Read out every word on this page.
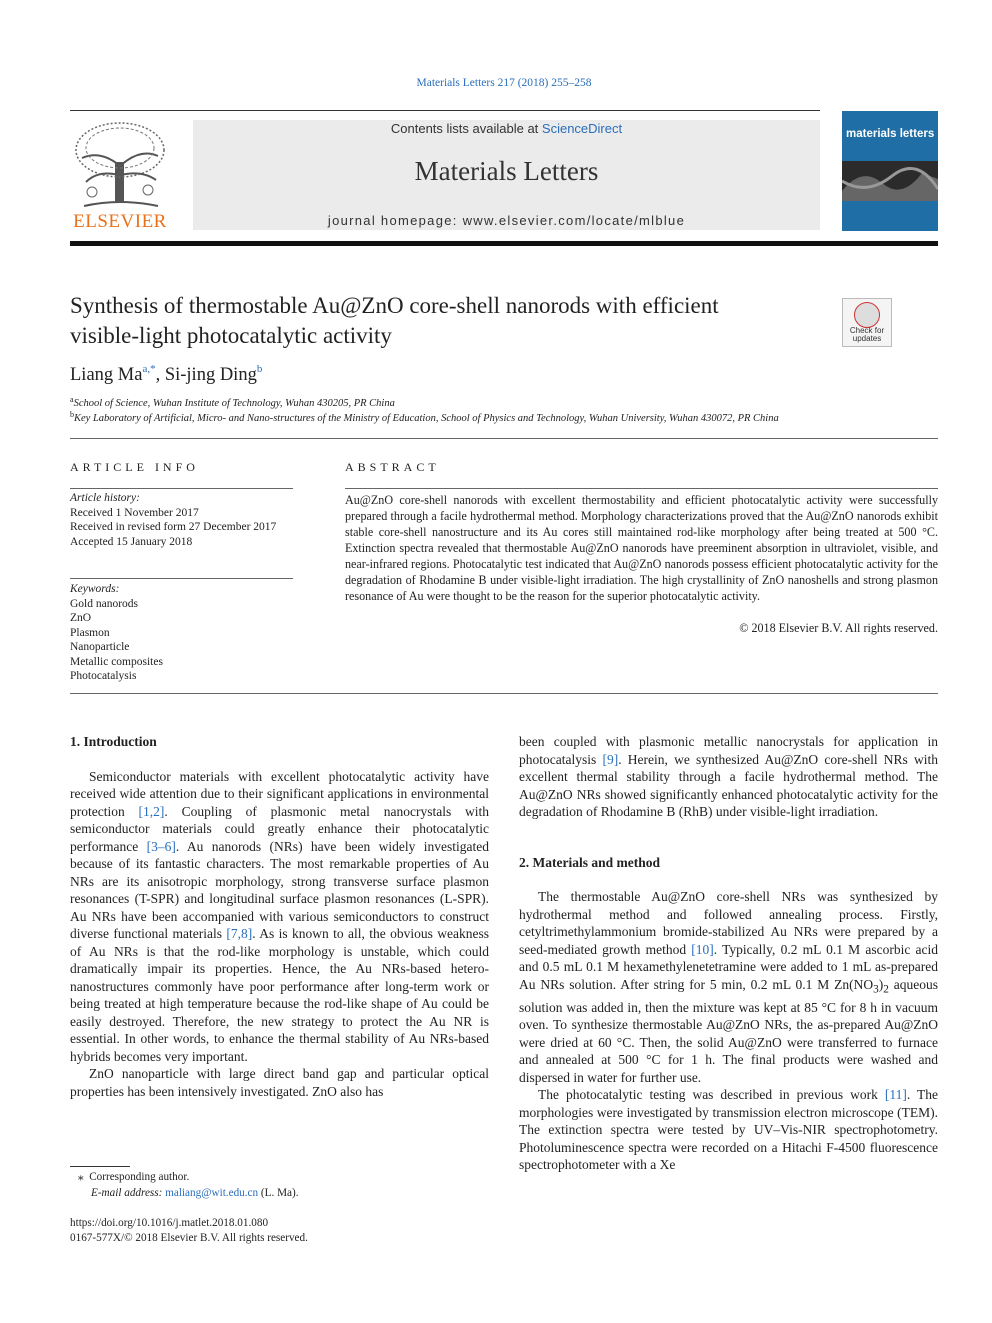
Materials Letters 217 (2018) 255–258
ELSEVIER
Contents lists available at ScienceDirect
Materials Letters
journal homepage: www.elsevier.com/locate/mlblue
materials letters
Synthesis of thermostable Au@ZnO core-shell nanorods with efficient
visible-light photocatalytic activity	Check for updates
Liang $Ma^{a,*}$, Si-jing Ding$^b$
$^a$School of Science, Wuhan Institute of Technology, Wuhan 430205, PR China
$^b$Key Laboratory of Artificial, Micro- and Nano-structures of the Ministry of Education, School of Physics and Technology, Wuhan University, Wuhan 430072, PR China
ARTICLE INFO
Article history:
Received 1 November 2017
Received in revised form 27 December 2017
Accepted 15 January 2018
Keywords:
Gold nanorods
ZnO
Plasmon
Nanoparticle
Metallic composites
Photocatalysis
ABSTRACT
Au@ZnO core-shell nanorods with excellent thermostability and efficient photocatalytic activity were successfully prepared through a facile hydrothermal method. Morphology characterizations proved that the Au@ZnO nanorods exhibit stable core-shell nanostructure and its Au cores still maintained rod-like morphology after being treated at 500 °C. Extinction spectra revealed that thermostable Au@ZnO nanorods have preeminent absorption in ultraviolet, visible, and near-infrared regions. Photocatalytic test indicated that Au@ZnO nanorods possess efficient photocatalytic activity for the degradation of Rhodamine B under visible-light irradiation. The high crystallinity of ZnO nanoshells and strong plasmon resonance of Au were thought to be the reason for the superior photocatalytic activity.
© 2018 Elsevier B.V. All rights reserved.
1. Introduction

Semiconductor materials with excellent photocatalytic activity have received wide attention due to their significant applications in environmental protection [1,2]. Coupling of plasmonic metal nanocrystals with semiconductor materials could greatly enhance their photocatalytic performance [3–6]. Au nanorods (NRs) have been widely investigated because of its fantastic characters. The most remarkable properties of Au NRs are its anisotropic morphology, strong transverse surface plasmon resonances (T-SPR) and longitudinal surface plasmon resonances (L-SPR). Au NRs have been accompanied with various semiconductors to construct diverse functional materials [7,8]. As is known to all, the obvious weakness of Au NRs is that the rod-like morphology is unstable, which could dramatically impair its properties. Hence, the Au NRs-based hetero-nanostructures commonly have poor performance after long-term work or being treated at high temperature because the rod-like shape of Au could be easily destroyed. Therefore, the new strategy to protect the Au NR is essential. In other words, to enhance the thermal stability of Au NRs-based hybrids becomes very important.

ZnO nanoparticle with large direct band gap and particular optical properties has been intensively investigated. ZnO also has

been coupled with plasmonic metallic nanocrystals for application in photocatalysis [9]. Herein, we synthesized Au@ZnO core-shell NRs with excellent thermal stability through a facile hydrothermal method. The Au@ZnO NRs showed significantly enhanced photocatalytic activity for the degradation of Rhodamine B (RhB) under visible-light irradiation.

2. Materials and method

The thermostable Au@ZnO core-shell NRs was synthesized by hydrothermal method and followed annealing process. Firstly, cetyltrimethylammonium bromide-stabilized Au NRs were prepared by a seed-mediated growth method [10]. Typically, 0.2 mL 0.1 M ascorbic acid and 0.5 mL 0.1 M hexamethylenetetramine were added to 1 mL as-prepared Au NRs solution. After string for 5 min, 0.2 mL 0.1 M $Zn(NO_3)_2$ aqueous solution was added in, then the mixture was kept at 85 °C for 8 h in vacuum oven. To synthesize thermostable Au@ZnO NRs, the as-prepared Au@ZnO were dried at 60 °C. Then, the solid Au@ZnO were transferred to furnace and annealed at 500 °C for 1 h. The final products were washed and dispersed in water for further use.

The photocatalytic testing was described in previous work [11]. The morphologies were investigated by transmission electron microscope (TEM). The extinction spectra were tested by UV–Vis-NIR spectrophotometry. Photoluminescence spectra were recorded on a Hitachi F-4500 fluorescence spectrophotometer with a Xe

⁎ Corresponding author.
E-mail address: maliang@wit.edu.cn (L. Ma).
https://doi.org/10.1016/j.matlet.2018.01.080
0167-577X/© 2018 Elsevier B.V. All rights reserved.
